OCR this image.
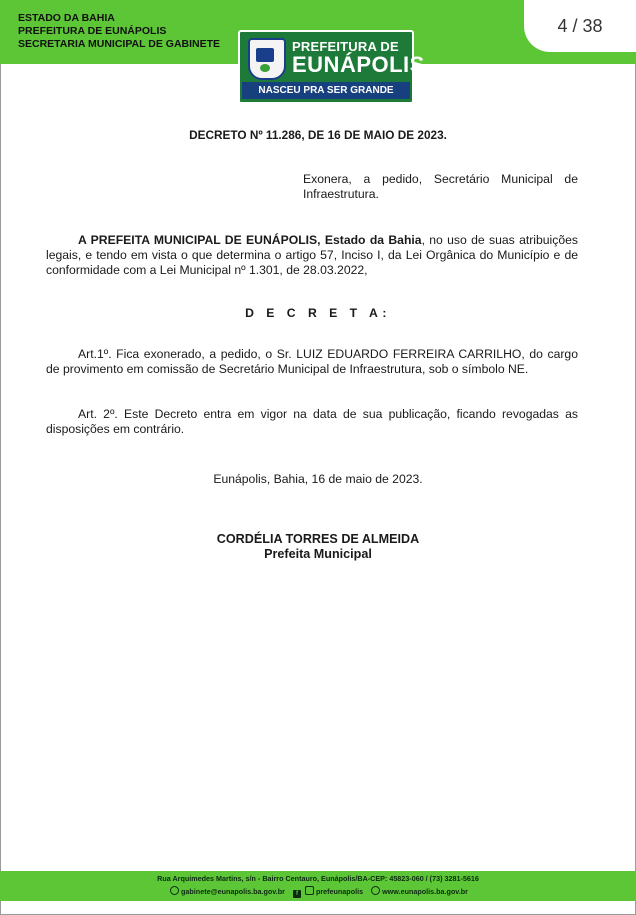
ESTADO DA BAHIA
PREFEITURA DE EUNÁPOLIS
SECRETARIA MUNICIPAL DE GABINETE	PREFEITURA DE
EUNÁPOLIS
NASCEU PRA SER GRANDE
4 / 38
DECRETO Nº 11.286, DE 16 DE MAIO DE 2023.
Exonera, a pedido, Secretário Municipal de Infraestrutura.
A PREFEITA MUNICIPAL DE EUNÁPOLIS, Estado da Bahia, no uso de suas atribuições legais, e tendo em vista o que determina o artigo 57, Inciso I, da Lei Orgânica do Município e de conformidade com a Lei Municipal nº 1.301, de 28.03.2022,
D E C R E T A:
Art.1º. Fica exonerado, a pedido, o Sr. LUIZ EDUARDO FERREIRA CARRILHO, do cargo de provimento em comissão de Secretário Municipal de Infraestrutura, sob o símbolo NE.
Art. 2º. Este Decreto entra em vigor na data de sua publicação, ficando revogadas as disposições em contrário.
Eunápolis, Bahia, 16 de maio de 2023.
CORDÉLIA TORRES DE ALMEIDA
Prefeita Municipal
Rua Arquimedes Martins, s/n - Bairro Centauro, Eunápolis/BA-CEP: 45823-060 / (73) 3281-5616
gabinete@eunapolis.ba.gov.br f	prefeunapolis	www.eunapolis.ba.gov.br
